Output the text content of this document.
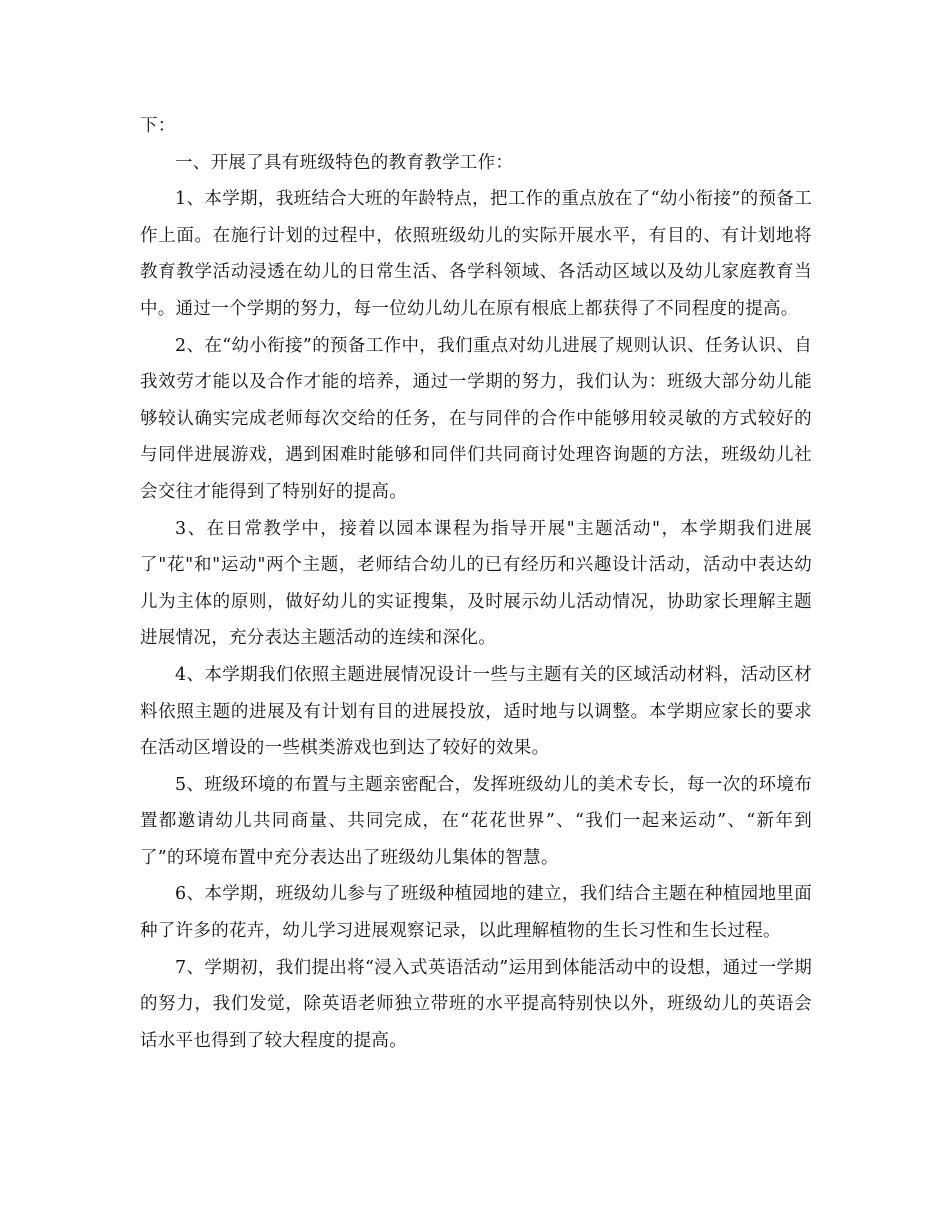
下：

一、开展了具有班级特色的教育教学工作：

1、本学期，我班结合大班的年龄特点，把工作的重点放在了“幼小衔接”的预备工作上面。在施行计划的过程中，依照班级幼儿的实际开展水平，有目的、有计划地将教育教学活动浸透在幼儿的日常生活、各学科领域、各活动区域以及幼儿家庭教育当中。通过一个学期的努力，每一位幼儿幼儿在原有根底上都获得了不同程度的提高。

2、在“幼小衔接”的预备工作中，我们重点对幼儿进展了规则认识、任务认识、自我效劳才能以及合作才能的培养，通过一学期的努力，我们认为：班级大部分幼儿能够较认确实完成老师每次交给的任务，在与同伴的合作中能够用较灵敏的方式较好的与同伴进展游戏，遇到困难时能够和同伴们共同商讨处理咨询题的方法，班级幼儿社会交往才能得到了特别好的提高。

3、在日常教学中，接着以园本课程为指导开展"主题活动"，本学期我们进展了"花"和"运动"两个主题，老师结合幼儿的已有经历和兴趣设计活动，活动中表达幼儿为主体的原则，做好幼儿的实证搜集，及时展示幼儿活动情况，协助家长理解主题进展情况，充分表达主题活动的连续和深化。

4、本学期我们依照主题进展情况设计一些与主题有关的区域活动材料，活动区材料依照主题的进展及有计划有目的进展投放，适时地与以调整。本学期应家长的要求在活动区增设的一些棋类游戏也到达了较好的效果。

5、班级环境的布置与主题亲密配合，发挥班级幼儿的美术专长，每一次的环境布置都邀请幼儿共同商量、共同完成，在“花花世界”、“我们一起来运动”、“新年到了”的环境布置中充分表达出了班级幼儿集体的智慧。

6、本学期，班级幼儿参与了班级种植园地的建立，我们结合主题在种植园地里面种了许多的花卉，幼儿学习进展观察记录，以此理解植物的生长习性和生长过程。

7、学期初，我们提出将“浸入式英语活动”运用到体能活动中的设想，通过一学期的努力，我们发觉，除英语老师独立带班的水平提高特别快以外，班级幼儿的英语会话水平也得到了较大程度的提高。
